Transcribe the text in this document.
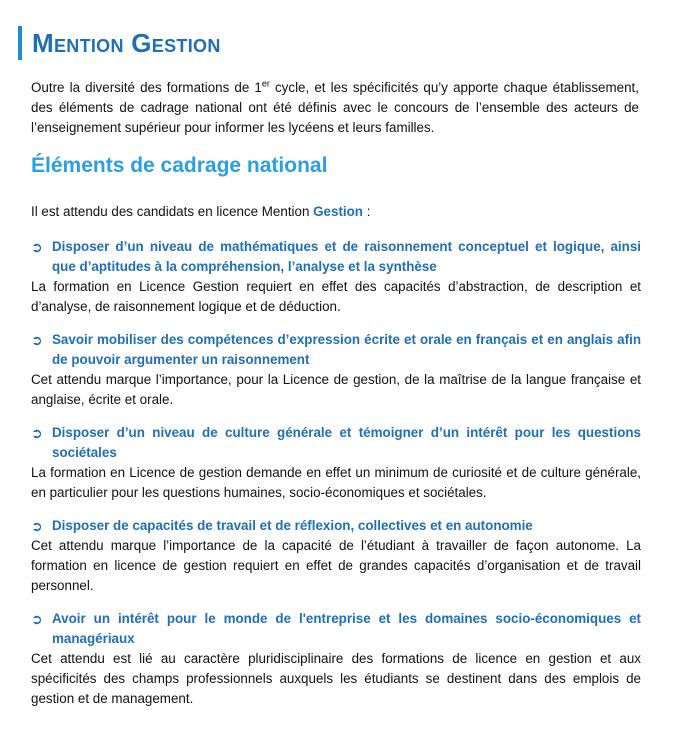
Mention Gestion

Outre la diversité des formations de 1er cycle, et les spécificités qu’y apporte chaque établissement, des éléments de cadrage national ont été définis avec le concours de l’ensemble des acteurs de l’enseignement supérieur pour informer les lycéens et leurs familles.

Éléments de cadrage national
Il est attendu des candidats en licence Mention Gestion :
➲ Disposer d’un niveau de mathématiques et de raisonnement conceptuel et logique, ainsi que d’aptitudes à la compréhension, l’analyse et la synthèse

La formation en Licence Gestion requiert en effet des capacités d’abstraction, de description et d’analyse, de raisonnement logique et de déduction.

➲ Savoir mobiliser des compétences d’expression écrite et orale en français et en anglais afin de pouvoir argumenter un raisonnement

Cet attendu marque l’importance, pour la Licence de gestion, de la maîtrise de la langue française et anglaise, écrite et orale.

➲ Disposer d’un niveau de culture générale et témoigner d’un intérêt pour les questions sociétales

La formation en Licence de gestion demande en effet un minimum de curiosité et de culture générale, en particulier pour les questions humaines, socio-économiques et sociétales.

➲ Disposer de capacités de travail et de réflexion, collectives et en autonomie

Cet attendu marque l’importance de la capacité de l’étudiant à travailler de façon autonome. La formation en licence de gestion requiert en effet de grandes capacités d’organisation et de travail personnel.

➲ Avoir un intérêt pour le monde de l'entreprise et les domaines socio-économiques et managériaux

Cet attendu est lié au caractère pluridisciplinaire des formations de licence en gestion et aux spécificités des champs professionnels auxquels les étudiants se destinent dans des emplois de gestion et de management.
